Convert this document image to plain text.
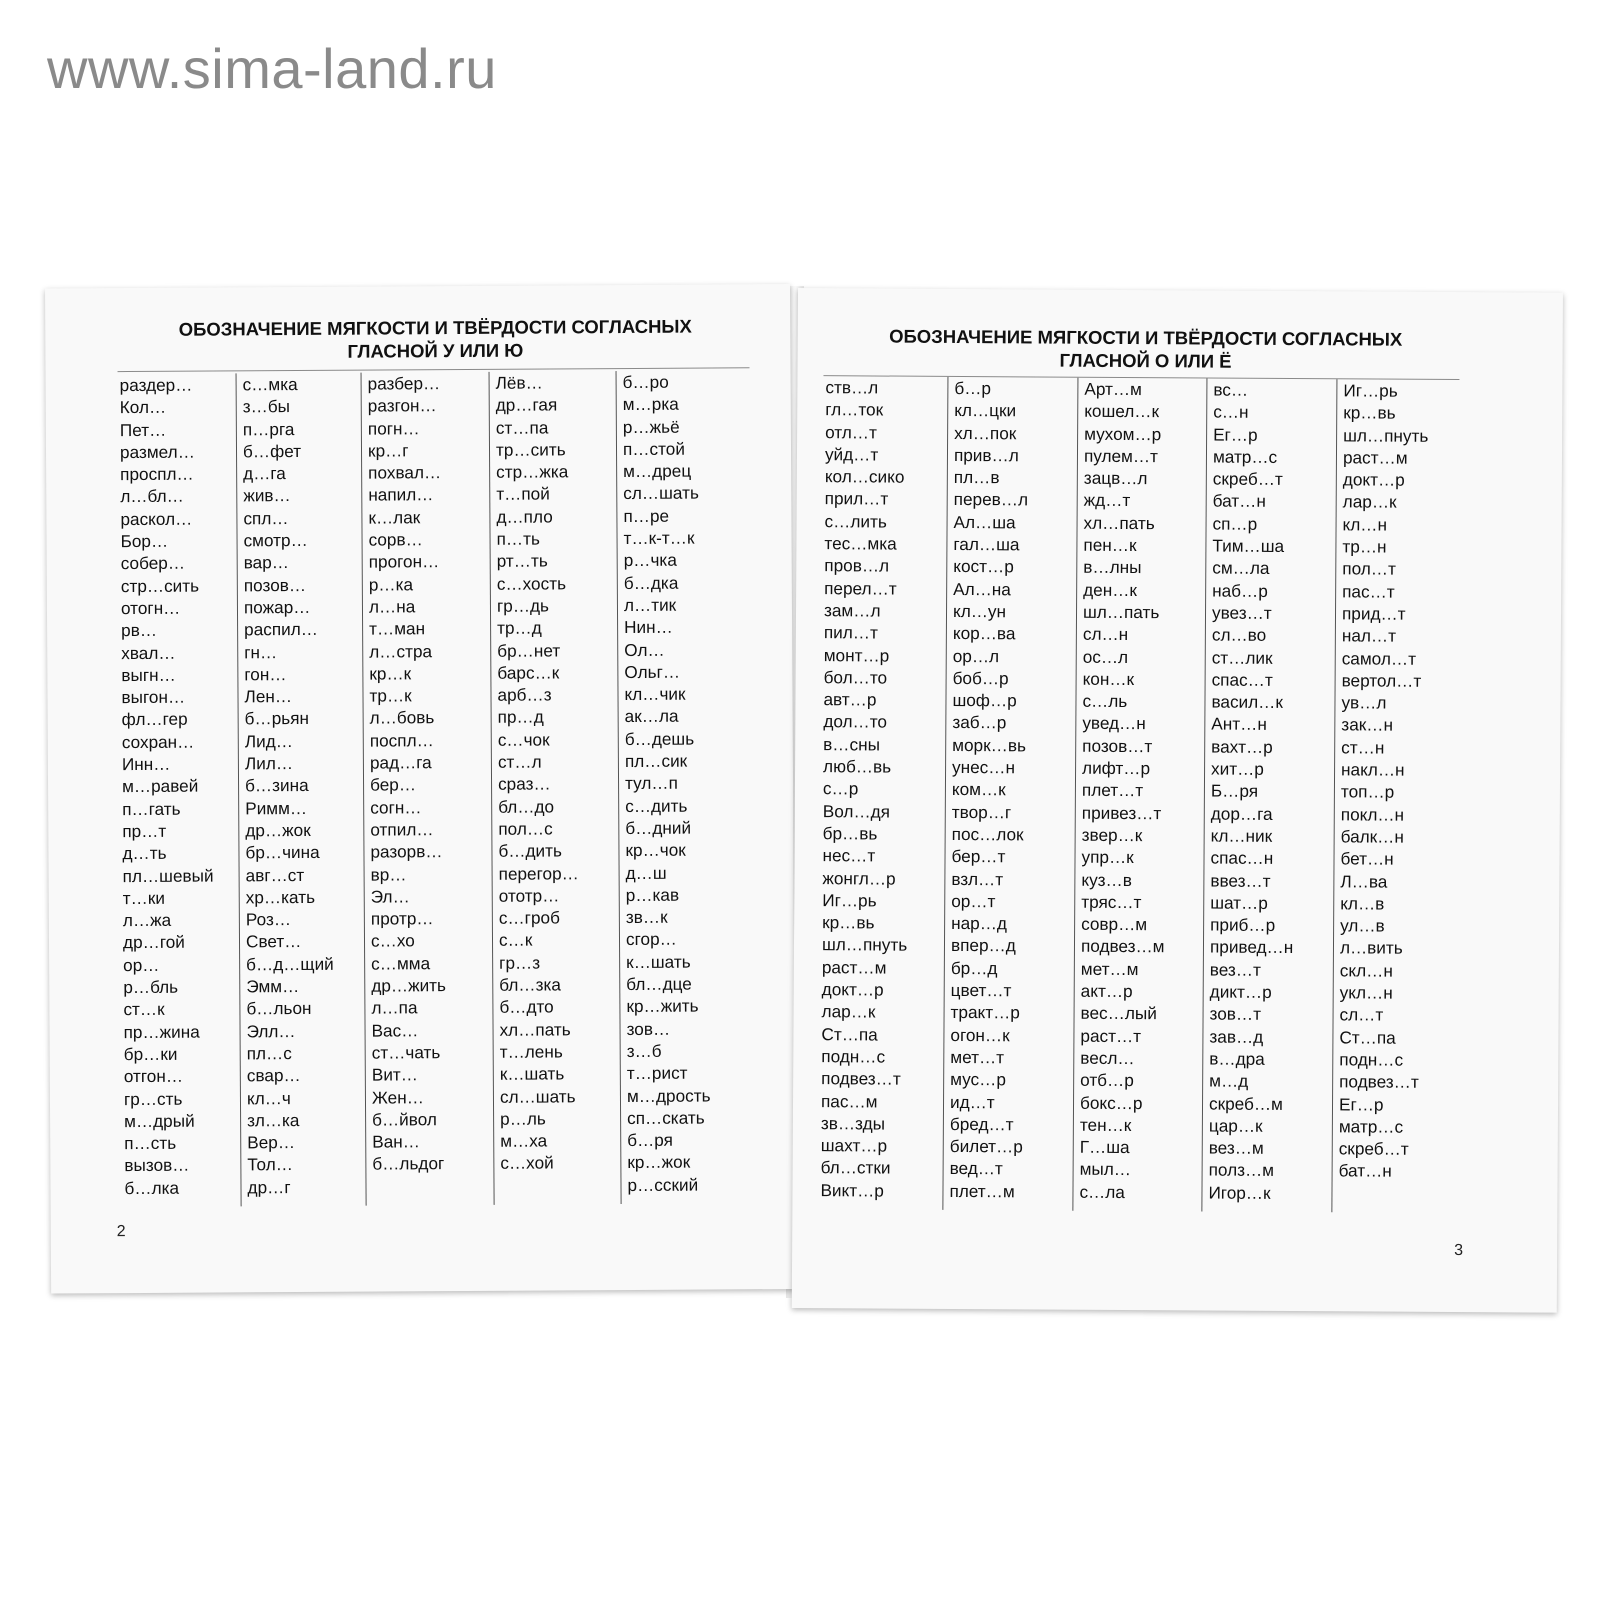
www.sima-land.ru
ОБОЗНАЧЕНИЕ МЯГКОСТИ И ТВЁРДОСТИ СОГЛАСНЫХ
ГЛАСНОЙ У ИЛИ Ю
раздер…
Кол…
Пет…
размел…
проспл…
л…бл…
раскол…
Бор…
собер…
стр…сить
отогн…
рв…
хвал…
выгн…
выгон…
фл…гер
сохран…
Инн…
м…равей
п…гать
пр…т
д…ть
пл…шевый
т…ки
л…жа
др…гой
ор…
р…бль
ст…к
пр…жина
бр…ки
отгон…
гр…сть
м…дрый
п…сть
вызов…
б…лка
с…мка
з…бы
п…рга
б…фет
д…га
жив…
спл…
смотр…
вар…
позов…
пожар…
распил…
гн…
гон…
Лен…
б…рьян
Лид…
Лил…
б…зина
Римм…
др…жок
бр…чина
авг…ст
хр…кать
Роз…
Свет…
б…д…щий
Эмм…
б…льон
Элл…
пл…с
свар…
кл…ч
зл…ка
Вер…
Тол…
др…г
разбер…
разгон…
погн…
кр…г
похвал…
напил…
к…лак
сорв…
прогон…
р…ка
л…на
т…ман
л…стра
кр…к
тр…к
л…бовь
поспл…
рад…га
бер…
согн…
отпил…
разорв…
вр…
Эл…
протр…
с…хо
с…мма
др…жить
л…па
Вас…
ст…чать
Вит…
Жен…
б…йвол
Ван…
б…льдог
Лёв…
др…гая
ст…па
тр…сить
стр…жка
т…пой
д…пло
п…ть
рт…ть
с…хость
гр…дь
тр…д
бр…нет
барс…к
арб…з
пр…д
с…чок
ст…л
сраз…
бл…до
пол…с
б…дить
перегор…
ототр…
с…гроб
с…к
гр…з
бл…зка
б…дто
хл…пать
т…лень
к…шать
сл…шать
р…ль
м…ха
с…хой
б…ро
м…рка
р…жьё
п…стой
м…дрец
сл…шать
п…ре
т…к-т…к
р…чка
б…дка
л…тик
Нин…
Ол…
Ольг…
кл…чик
ак…ла
б…дешь
пл…сик
тул…п
с…дить
б…дний
кр…чок
д…ш
р…кав
зв…к
сгор…
к…шать
бл…дце
кр…жить
зов…
з…б
т…рист
м…дрость
сп…скать
б…ря
кр…жок
р…сский
2
ОБОЗНАЧЕНИЕ МЯГКОСТИ И ТВЁРДОСТИ СОГЛАСНЫХ
ГЛАСНОЙ О ИЛИ Ё
ств…л
гл…ток
отл…т
уйд…т
кол…сико
прил…т
с…лить
тес…мка
пров…л
перел…т
зам…л
пил…т
монт…р
бол…то
авт…р
дол…то
в…сны
люб…вь
с…р
Вол…дя
бр…вь
нес…т
жонгл…р
Иг…рь
кр…вь
шл…пнуть
раст…м
докт…р
лар…к
Ст…па
подн…с
подвез…т
пас…м
зв…зды
шахт…р
бл…стки
Викт…р
б…р
кл…цки
хл…пок
прив…л
пл…в
перев…л
Ал…ша
гал…ша
кост…р
Ал…на
кл…ун
кор…ва
ор…л
боб…р
шоф…р
заб…р
морк…вь
унес…н
ком…к
твор…г
пос…лок
бер…т
взл…т
ор…т
нар…д
впер…д
бр…д
цвет…т
тракт…р
огон…к
мет…т
мус…р
ид…т
бред…т
билет…р
вед…т
плет…м
Арт…м
кошел…к
мухом…р
пулем…т
зацв…л
жд…т
хл…пать
пен…к
в…лны
ден…к
шл…пать
сл…н
ос…л
кон…к
с…ль
увед…н
позов…т
лифт…р
плет…т
привез…т
звер…к
упр…к
куз…в
тряс…т
совр…м
подвез…м
мет…м
акт…р
вес…лый
раст…т
весл…
отб…р
бокс…р
тен…к
Г…ша
мыл…
с…ла
вс…
с…н
Ег…р
матр…с
скреб…т
бат…н
сп…р
Тим…ша
см…ла
наб…р
увез…т
сл…во
ст…лик
спас…т
васил…к
Ант…н
вахт…р
хит…р
Б…ря
дор…га
кл…ник
спас…н
ввез…т
шат…р
приб…р
привед…н
вез…т
дикт…р
зов…т
зав…д
в…дра
м…д
скреб…м
цар…к
вез…м
полз…м
Игор…к
Иг…рь
кр…вь
шл…пнуть
раст…м
докт…р
лар…к
кл…н
тр…н
пол…т
пас…т
прид…т
нал…т
самол…т
вертол…т
ув…л
зак…н
ст…н
накл…н
топ…р
покл…н
балк…н
бет…н
Л…ва
кл…в
ул…в
л…вить
скл…н
укл…н
сл…т
Ст…па
подн…с
подвез…т
Ег…р
матр…с
скреб…т
бат…н
3
